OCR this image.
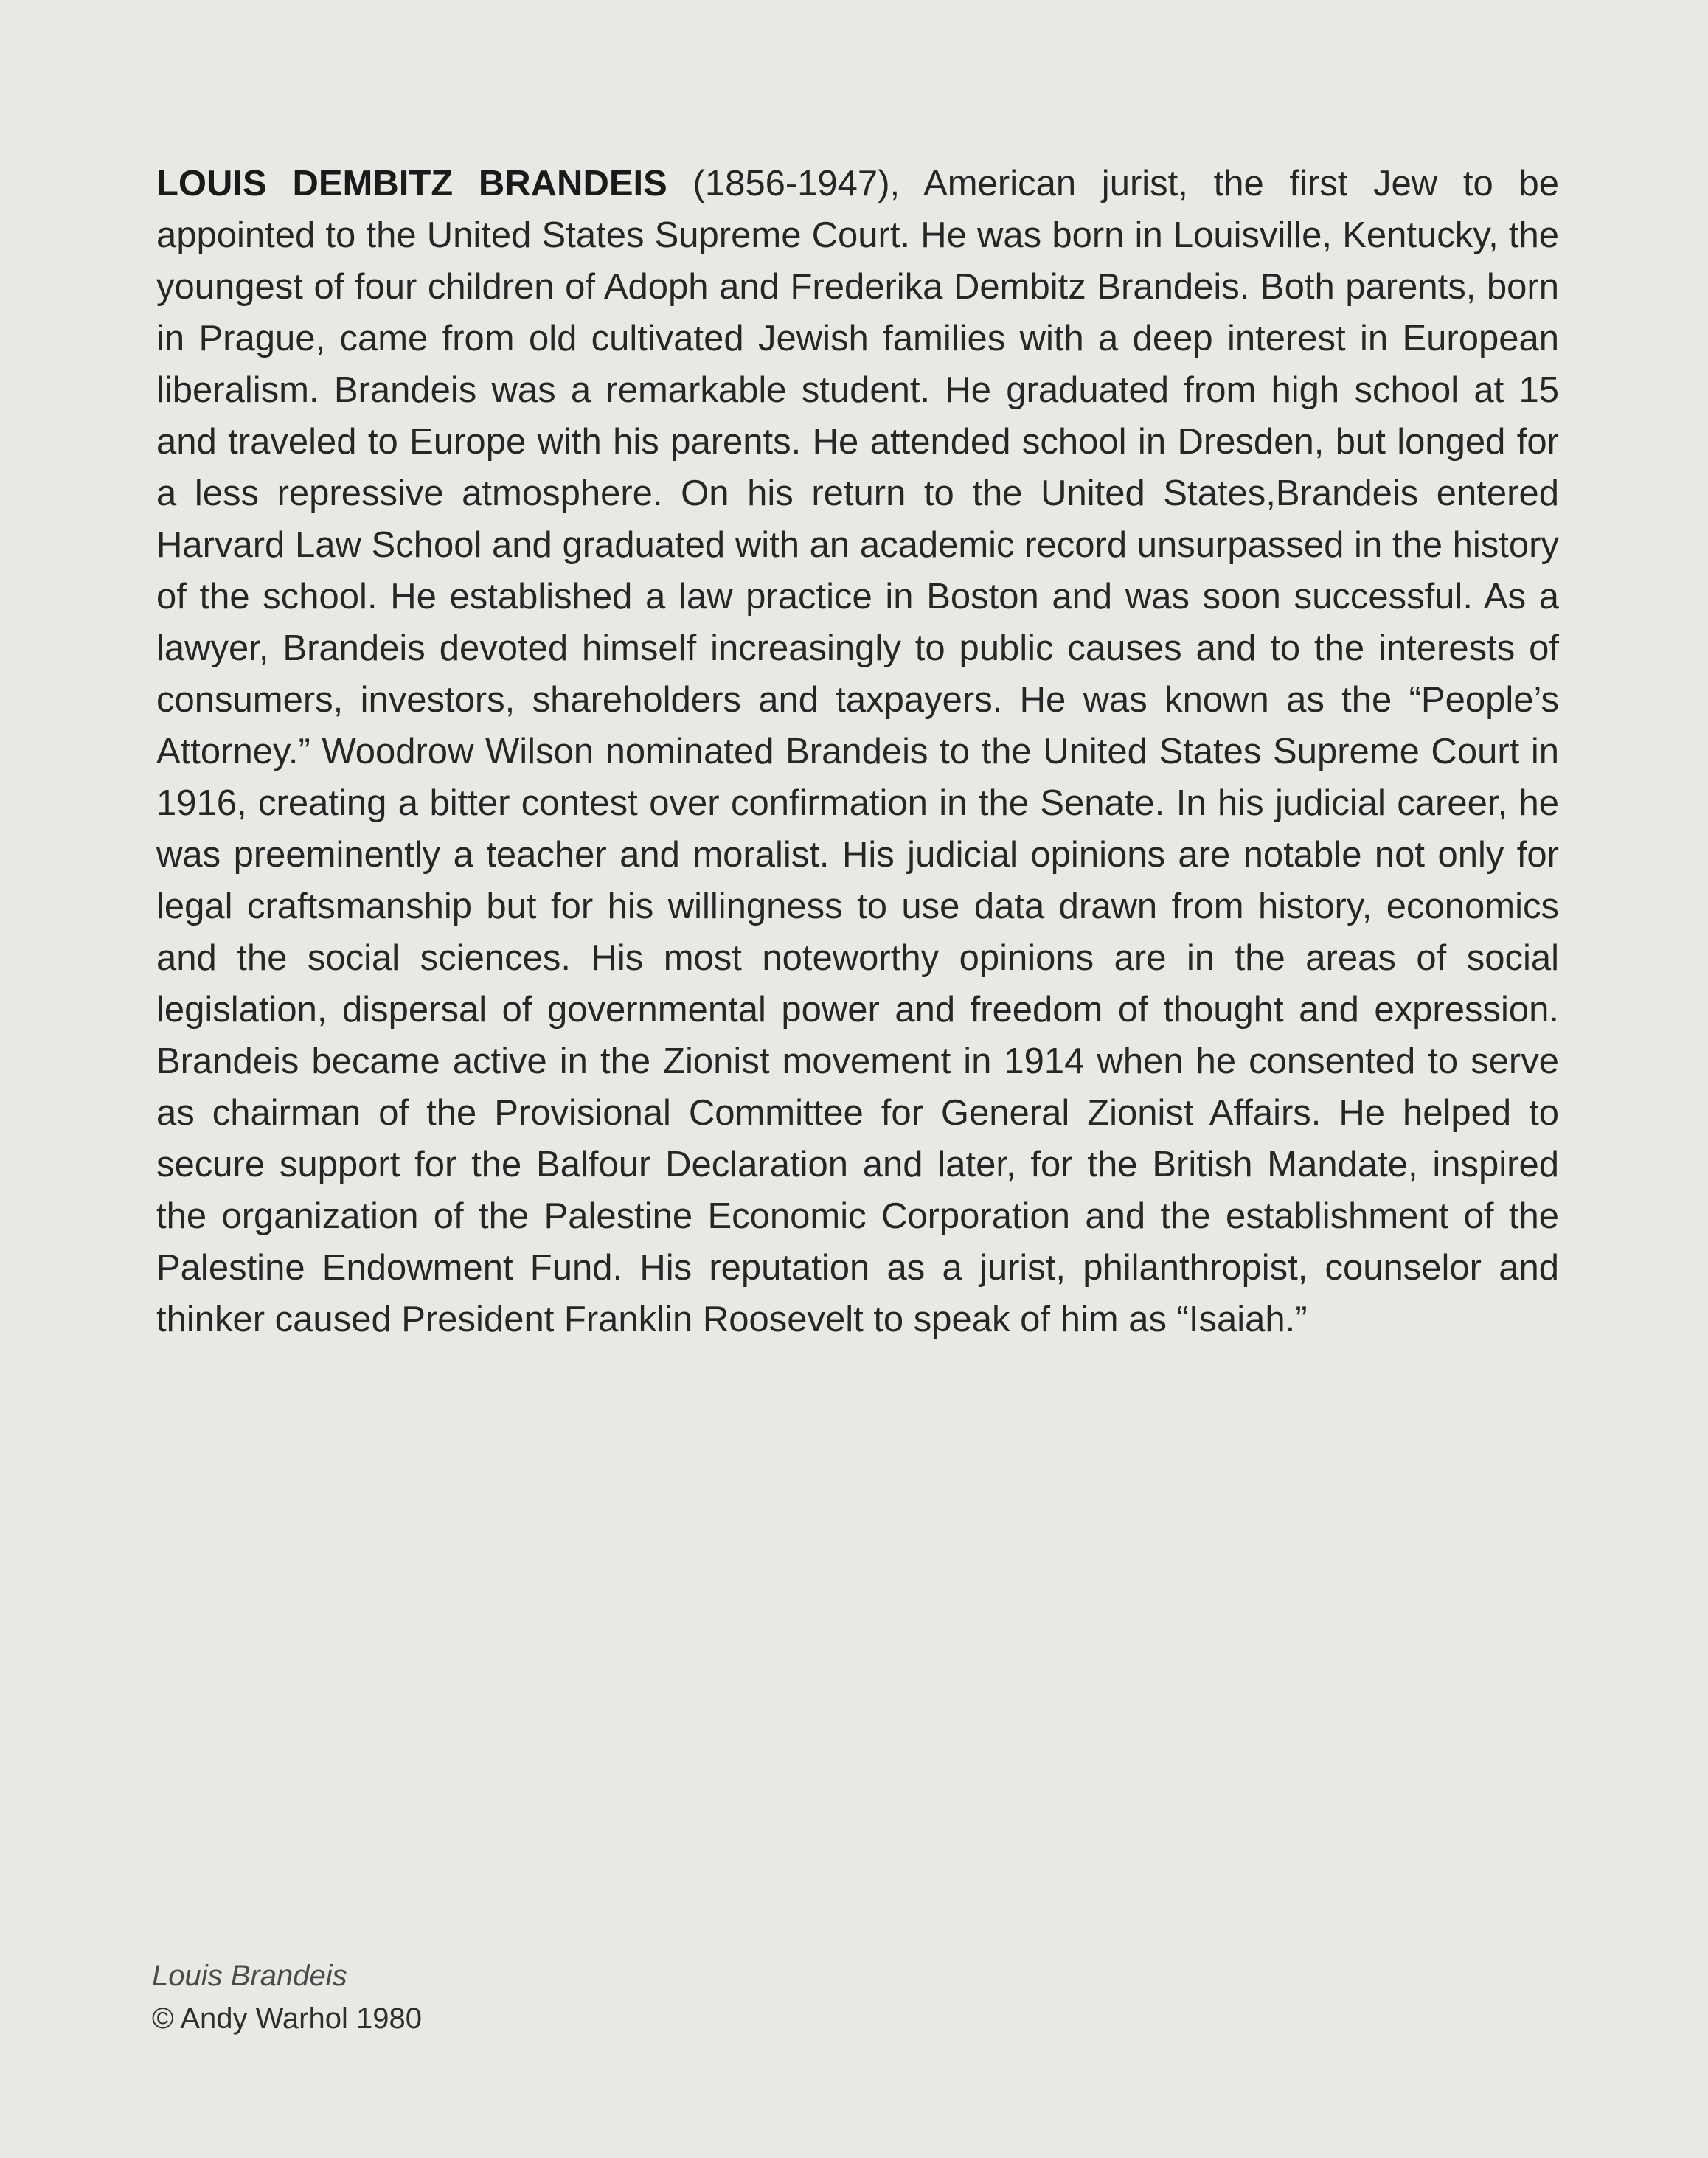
LOUIS DEMBITZ BRANDEIS (1856-1947), American jurist, the first Jew to be appointed to the United States Supreme Court. He was born in Louisville, Kentucky, the youngest of four children of Adoph and Frederika Dembitz Brandeis. Both parents, born in Prague, came from old cultivated Jewish families with a deep interest in European liberalism. Brandeis was a remarkable student. He graduated from high school at 15 and traveled to Europe with his parents. He attended school in Dresden, but longed for a less repressive atmosphere. On his return to the United States,Brandeis entered Harvard Law School and graduated with an academic record unsurpassed in the history of the school. He established a law practice in Boston and was soon successful. As a lawyer, Brandeis devoted himself increasingly to public causes and to the interests of consumers, investors, shareholders and taxpayers. He was known as the “People’s Attorney.” Woodrow Wilson nominated Brandeis to the United States Supreme Court in 1916, creating a bitter contest over confirmation in the Senate. In his judicial career, he was preeminently a teacher and moralist. His judicial opinions are notable not only for legal craftsmanship but for his willingness to use data drawn from history, economics and the social sciences. His most noteworthy opinions are in the areas of social legislation, dispersal of governmental power and freedom of thought and expression. Brandeis became active in the Zionist movement in 1914 when he consented to serve as chairman of the Provisional Committee for General Zionist Affairs. He helped to secure support for the Balfour Declaration and later, for the British Mandate, inspired the organization of the Palestine Economic Corporation and the establishment of the Palestine Endowment Fund. His reputation as a jurist, philanthropist, counselor and thinker caused President Franklin Roosevelt to speak of him as “Isaiah.”

Louis Brandeis
© Andy Warhol 1980
